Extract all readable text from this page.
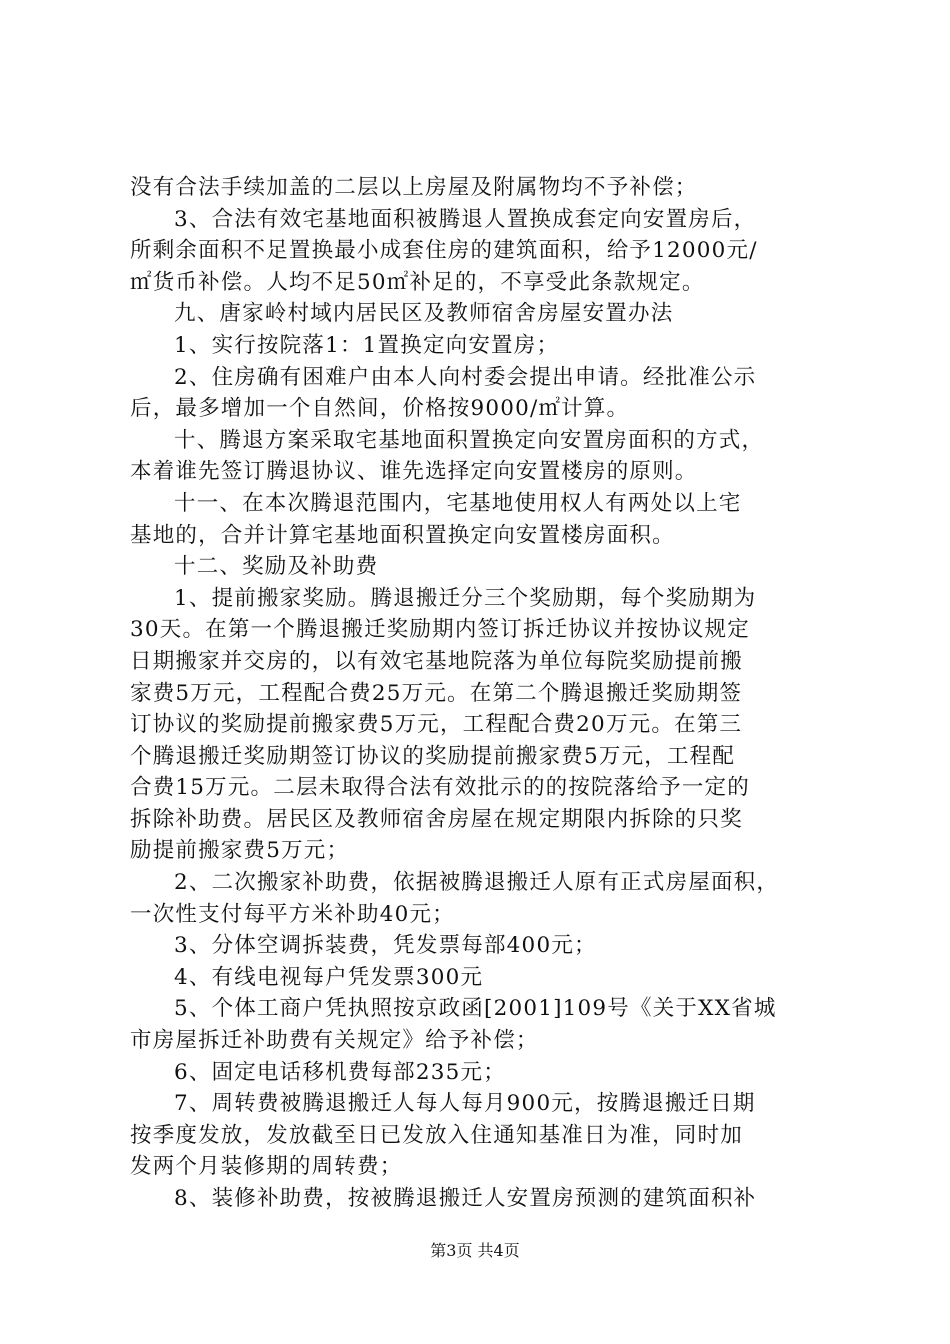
没有合法手续加盖的二层以上房屋及附属物均不予补偿；
3、合法有效宅基地面积被腾退人置换成套定向安置房后，
所剩余面积不足置换最小成套住房的建筑面积，给予12000元/
㎡货币补偿。人均不足50㎡补足的，不享受此条款规定。
九、唐家岭村域内居民区及教师宿舍房屋安置办法
1、实行按院落1：1置换定向安置房；
2、住房确有困难户由本人向村委会提出申请。经批准公示
后，最多增加一个自然间，价格按9000/㎡计算。
十、腾退方案采取宅基地面积置换定向安置房面积的方式，
本着谁先签订腾退协议、谁先选择定向安置楼房的原则。
十一、在本次腾退范围内，宅基地使用权人有两处以上宅
基地的，合并计算宅基地面积置换定向安置楼房面积。
十二、奖励及补助费
1、提前搬家奖励。腾退搬迁分三个奖励期，每个奖励期为
30天。在第一个腾退搬迁奖励期内签订拆迁协议并按协议规定
日期搬家并交房的，以有效宅基地院落为单位每院奖励提前搬
家费5万元，工程配合费25万元。在第二个腾退搬迁奖励期签
订协议的奖励提前搬家费5万元，工程配合费20万元。在第三
个腾退搬迁奖励期签订协议的奖励提前搬家费5万元，工程配
合费15万元。二层未取得合法有效批示的的按院落给予一定的
拆除补助费。居民区及教师宿舍房屋在规定期限内拆除的只奖
励提前搬家费5万元；
2、二次搬家补助费，依据被腾退搬迁人原有正式房屋面积，
一次性支付每平方米补助40元；
3、分体空调拆装费，凭发票每部400元；
4、有线电视每户凭发票300元
5、个体工商户凭执照按京政函[2001]109号《关于XX省城
市房屋拆迁补助费有关规定》给予补偿；
6、固定电话移机费每部235元；
7、周转费被腾退搬迁人每人每月900元，按腾退搬迁日期
按季度发放，发放截至日已发放入住通知基准日为准，同时加
发两个月装修期的周转费；
8、装修补助费，按被腾退搬迁人安置房预测的建筑面积补
第3页 共4页
